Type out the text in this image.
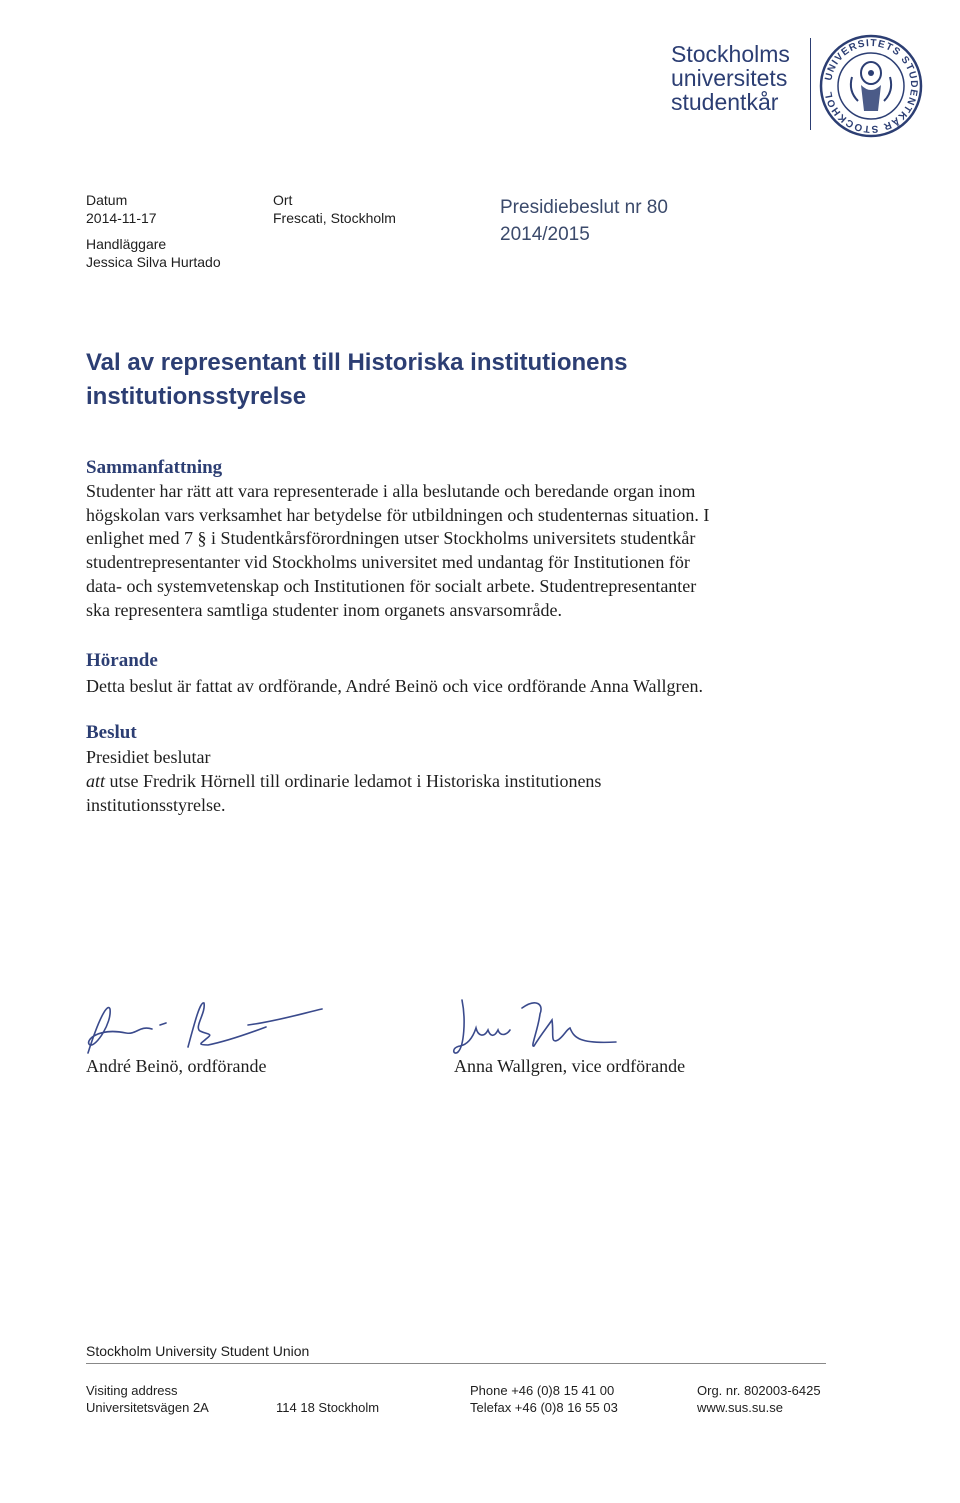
Stockholms
universitets
studentkår
UNIVERSITETS STUDENTKÅR STOCKHOL
Datum
2014-11-17
Handläggare
Jessica Silva Hurtado
Ort
Frescati, Stockholm	Presidiebeslut nr 80
2014/2015
Val av representant till Historiska institutionens
institutionsstyrelse
Sammanfattning
Studenter har rätt att vara representerade i alla beslutande och beredande organ inom
högskolan vars verksamhet har betydelse för utbildningen och studenternas situation. I
enlighet med 7 § i Studentkårsförordningen utser Stockholms universitets studentkår
studentrepresentanter vid Stockholms universitet med undantag för Institutionen för
data- och systemvetenskap och Institutionen för socialt arbete. Studentrepresentanter
ska representera samtliga studenter inom organets ansvarsområde.
Hörande
Detta beslut är fattat av ordförande, André Beinö och vice ordförande Anna Wallgren.
Beslut
Presidiet beslutar
att utse Fredrik Hörnell till ordinarie ledamot i Historiska institutionens
institutionsstyrelse.
André Beinö, ordförande	Anna Wallgren, vice ordförande
Stockholm University Student Union
Visiting address
Universitetsvägen 2A	114 18 Stockholm
Phone +46 (0)8 15 41 00
Telefax +46 (0)8 16 55 03
Org. nr. 802003-6425
www.sus.su.se
